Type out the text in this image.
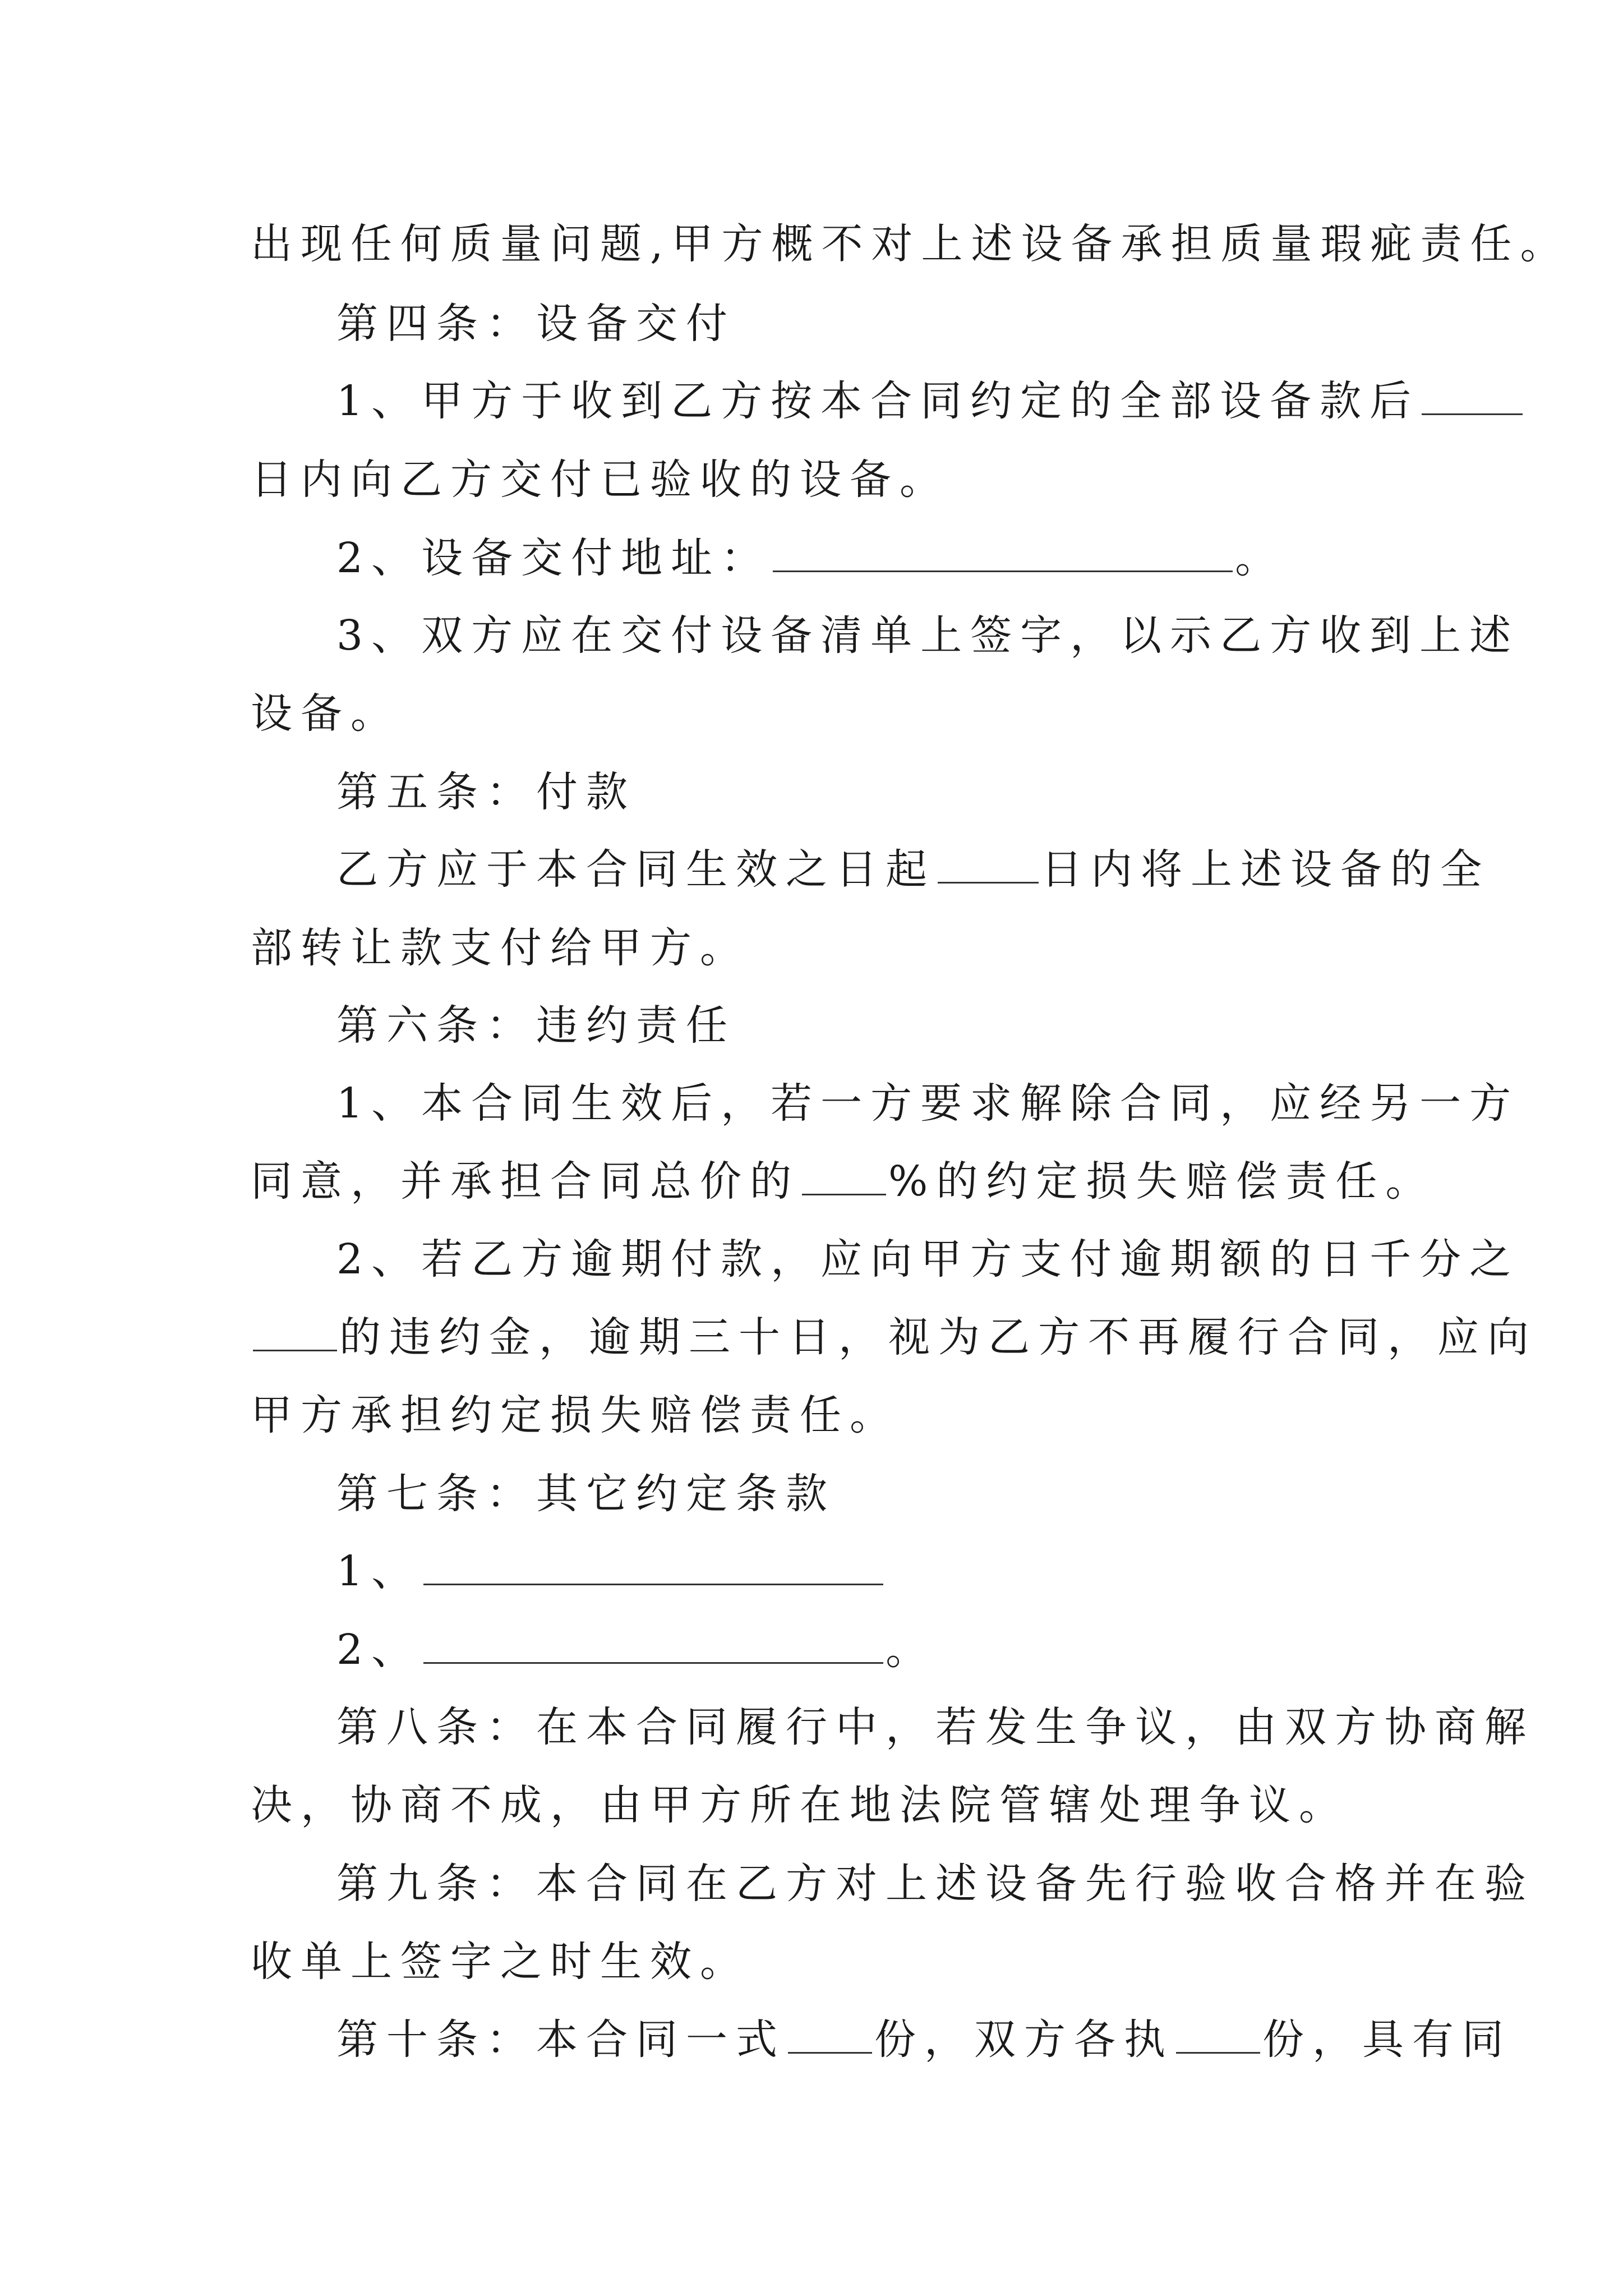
出现任何质量问题,甲方概不对上述设备承担质量瑕疵责任。
第四条：设备交付
1、甲方于收到乙方按本合同约定的全部设备款后
日内向乙方交付已验收的设备。
2、设备交付地址：	。
3、双方应在交付设备清单上签字，以示乙方收到上述
设备。
第五条：付款
乙方应于本合同生效之日起	日内将上述设备的全
部转让款支付给甲方。
第六条：违约责任
1、本合同生效后，若一方要求解除合同，应经另一方
同意，并承担合同总价的 %的约定损失赔偿责任。
2、若乙方逾期付款，应向甲方支付逾期额的日千分之
的违约金，逾期三十日，视为乙方不再履行合同，应向
甲方承担约定损失赔偿责任。
第七条：其它约定条款
1、
2、	。
第八条：在本合同履行中，若发生争议，由双方协商解
决，协商不成，由甲方所在地法院管辖处理争议。
第九条：本合同在乙方对上述设备先行验收合格并在验
收单上签字之时生效。
第十条：本合同一式 份，双方各执 份，具有同
